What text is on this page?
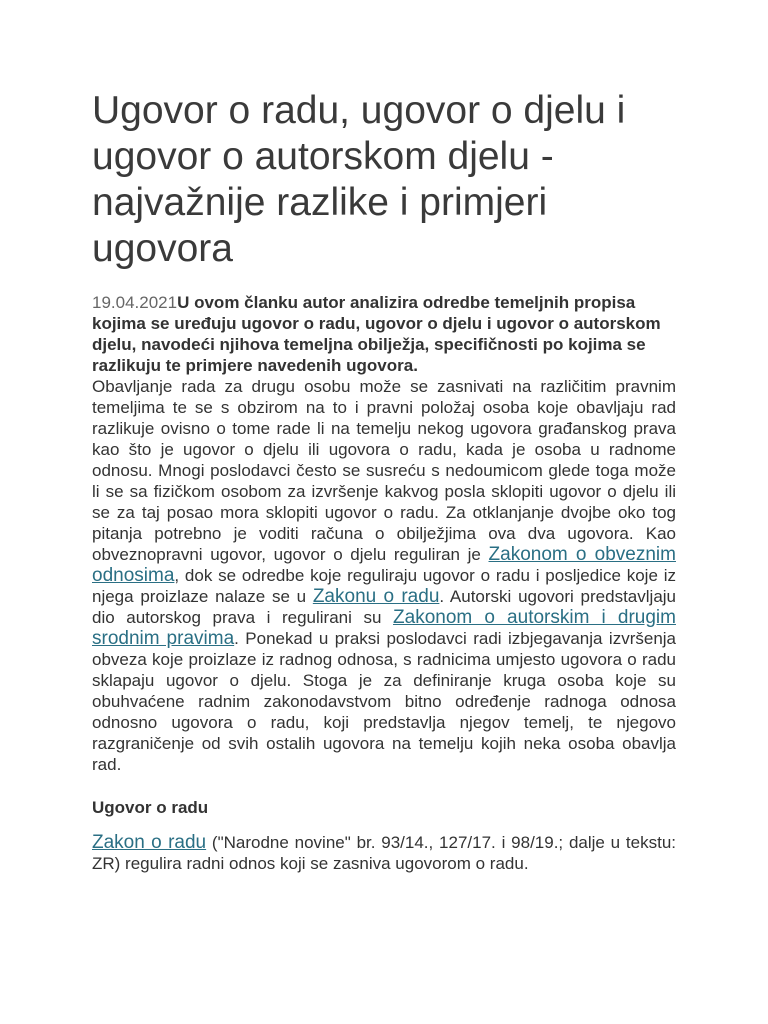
Ugovor o radu, ugovor o djelu i ugovor o autorskom djelu - najvažnije razlike i primjeri ugovora

19.04.2021U ovom članku autor analizira odredbe temeljnih propisa kojima se uređuju ugovor o radu, ugovor o djelu i ugovor o autorskom djelu, navodeći njihova temeljna obilježja, specifičnosti po kojima se razlikuju te primjere navedenih ugovora.

Obavljanje rada za drugu osobu može se zasnivati na različitim pravnim temeljima te se s obzirom na to i pravni položaj osoba koje obavljaju rad razlikuje ovisno o tome rade li na temelju nekog ugovora građanskog prava kao što je ugovor o djelu ili ugovora o radu, kada je osoba u radnome odnosu. Mnogi poslodavci često se susreću s nedoumicom glede toga može li se sa fizičkom osobom za izvršenje kakvog posla sklopiti ugovor o djelu ili se za taj posao mora sklopiti ugovor o radu. Za otklanjanje dvojbe oko tog pitanja potrebno je voditi računa o obilježjima ova dva ugovora. Kao obveznopravni ugovor, ugovor o djelu reguliran je Zakonom o obveznim odnosima, dok se odredbe koje reguliraju ugovor o radu i posljedice koje iz njega proizlaze nalaze se u Zakonu o radu. Autorski ugovori predstavljaju dio autorskog prava i regulirani su Zakonom o autorskim i drugim srodnim pravima. Ponekad u praksi poslodavci radi izbjegavanja izvršenja obveza koje proizlaze iz radnog odnosa, s radnicima umjesto ugovora o radu sklapaju ugovor o djelu. Stoga je za definiranje kruga osoba koje su obuhvaćene radnim zakonodavstvom bitno određenje radnoga odnosa odnosno ugovora o radu, koji predstavlja njegov temelj, te njegovo razgraničenje od svih ostalih ugovora na temelju kojih neka osoba obavlja rad.

Ugovor o radu

Zakon o radu ("Narodne novine" br. 93/14., 127/17. i 98/19.; dalje u tekstu: ZR) regulira radni odnos koji se zasniva ugovorom o radu.
